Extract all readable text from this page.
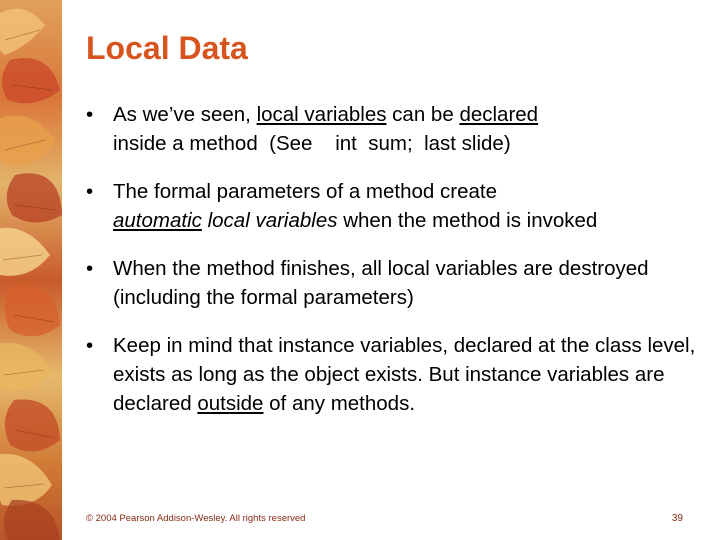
Local Data
• As we’ve seen, local variables can be declared
inside a method  (See    int  sum;  last slide)
• The formal parameters of a method create
automatic local variables when the method is invoked
• When the method finishes, all local variables are destroyed (including the formal parameters)
• Keep in mind that instance variables, declared at the class level, exists as long as the object exists. But instance variables are declared outside of any methods.
© 2004 Pearson Addison-Wesley. All rights reserved	39
